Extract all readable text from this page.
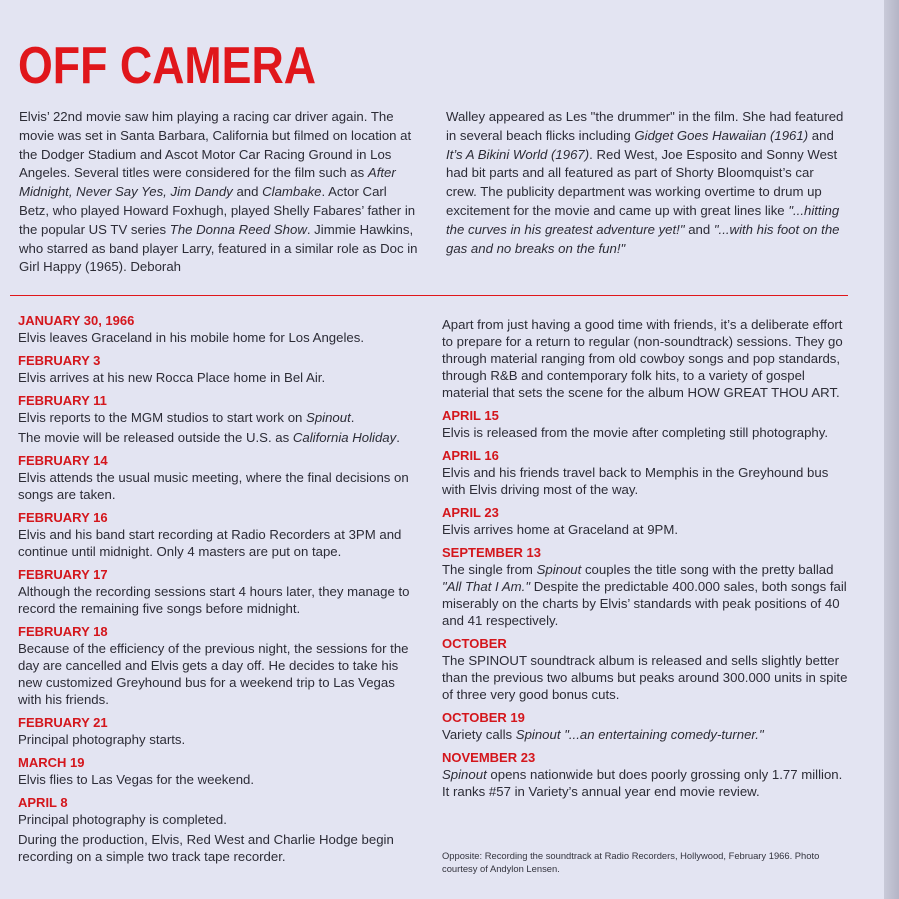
OFF CAMERA

Elvis’ 22nd movie saw him playing a racing car driver again. The movie was set in Santa Barbara, California but filmed on location at the Dodger Stadium and Ascot Motor Car Racing Ground in Los Angeles. Several titles were considered for the film such as After Midnight, Never Say Yes, Jim Dandy and Clambake. Actor Carl Betz, who played Howard Foxhugh, played Shelly Fabares’ father in the popular US TV series The Donna Reed Show. Jimmie Hawkins, who starred as band player Larry, featured in a similar role as Doc in Girl Happy (1965). Deborah

Walley appeared as Les "the drummer" in the film. She had featured in several beach flicks including Gidget Goes Hawaiian (1961) and It’s A Bikini World (1967). Red West, Joe Esposito and Sonny West had bit parts and all featured as part of Shorty Bloomquist’s car crew. The publicity department was working overtime to drum up excitement for the movie and came up with great lines like "...hitting the curves in his greatest adventure yet!" and "...with his foot on the gas and no breaks on the fun!"

JANUARY 30, 1966

Elvis leaves Graceland in his mobile home for Los Angeles.

FEBRUARY 3

Elvis arrives at his new Rocca Place home in Bel Air.

FEBRUARY 11

Elvis reports to the MGM studios to start work on Spinout.

The movie will be released outside the U.S. as California Holiday.

FEBRUARY 14

Elvis attends the usual music meeting, where the final decisions on songs are taken.

FEBRUARY 16

Elvis and his band start recording at Radio Recorders at 3PM and continue until midnight. Only 4 masters are put on tape.

FEBRUARY 17

Although the recording sessions start 4 hours later, they manage to record the remaining five songs before midnight.

FEBRUARY 18

Because of the efficiency of the previous night, the sessions for the day are cancelled and Elvis gets a day off. He decides to take his new customized Greyhound bus for a weekend trip to Las Vegas with his friends.

FEBRUARY 21

Principal photography starts.

MARCH 19

Elvis flies to Las Vegas for the weekend.

APRIL 8

Principal photography is completed.

During the production, Elvis, Red West and Charlie Hodge begin recording on a simple two track tape recorder.

Apart from just having a good time with friends, it’s a deliberate effort to prepare for a return to regular (non-soundtrack) sessions. They go through material ranging from old cowboy songs and pop standards, through R&B and contemporary folk hits, to a variety of gospel material that sets the scene for the album HOW GREAT THOU ART.

APRIL 15

Elvis is released from the movie after completing still photography.

APRIL 16

Elvis and his friends travel back to Memphis in the Greyhound bus with Elvis driving most of the way.

APRIL 23

Elvis arrives home at Graceland at 9PM.

SEPTEMBER 13

The single from Spinout couples the title song with the pretty ballad "All That I Am." Despite the predictable 400.000 sales, both songs fail miserably on the charts by Elvis’ standards with peak positions of 40 and 41 respectively.

OCTOBER

The SPINOUT soundtrack album is released and sells slightly better than the previous two albums but peaks around 300.000 units in spite of three very good bonus cuts.

OCTOBER 19

Variety calls Spinout "...an entertaining comedy-turner."

NOVEMBER 23

Spinout opens nationwide but does poorly grossing only 1.77 million. It ranks #57 in Variety’s annual year end movie review.

Opposite: Recording the soundtrack at Radio Recorders, Hollywood, February 1966. Photo courtesy of Andylon Lensen.
